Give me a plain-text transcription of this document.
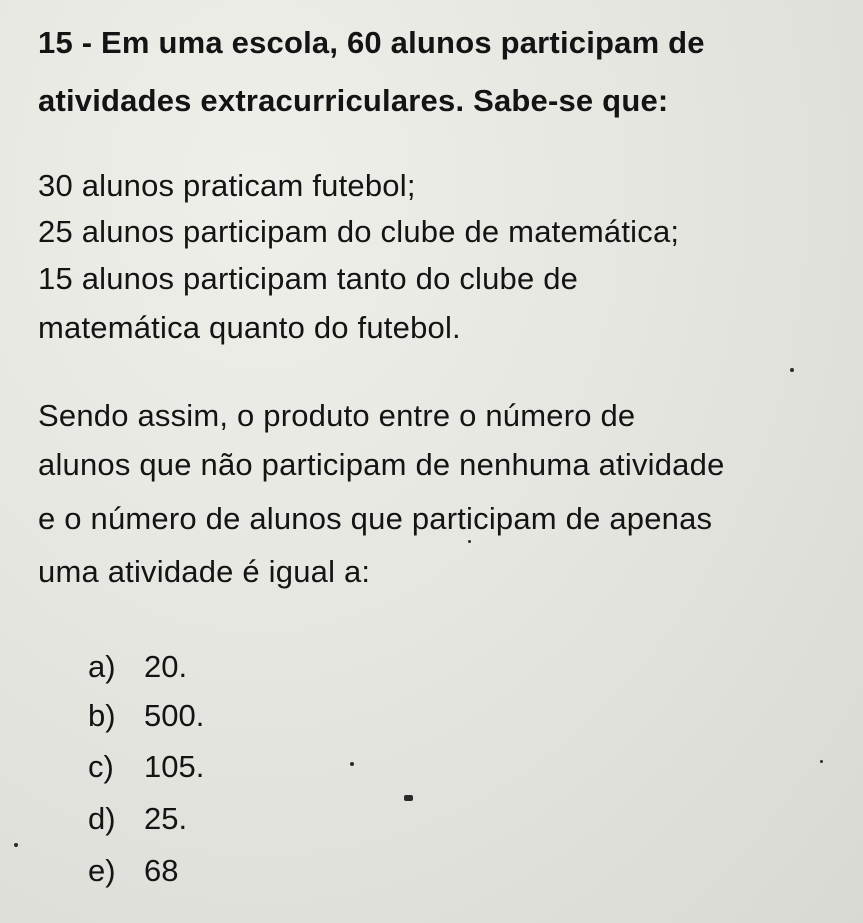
15 - Em uma escola, 60 alunos participam de
atividades extracurriculares. Sabe-se que:
30 alunos praticam futebol;
25 alunos participam do clube de matemática;
15 alunos participam tanto do clube de
matemática quanto do futebol.
Sendo assim, o produto entre o número de
alunos que não participam de nenhuma atividade
e o número de alunos que participam de apenas
uma atividade é igual a:
a) 20.
b) 500.
c) 105.
d) 25.
e) 68
